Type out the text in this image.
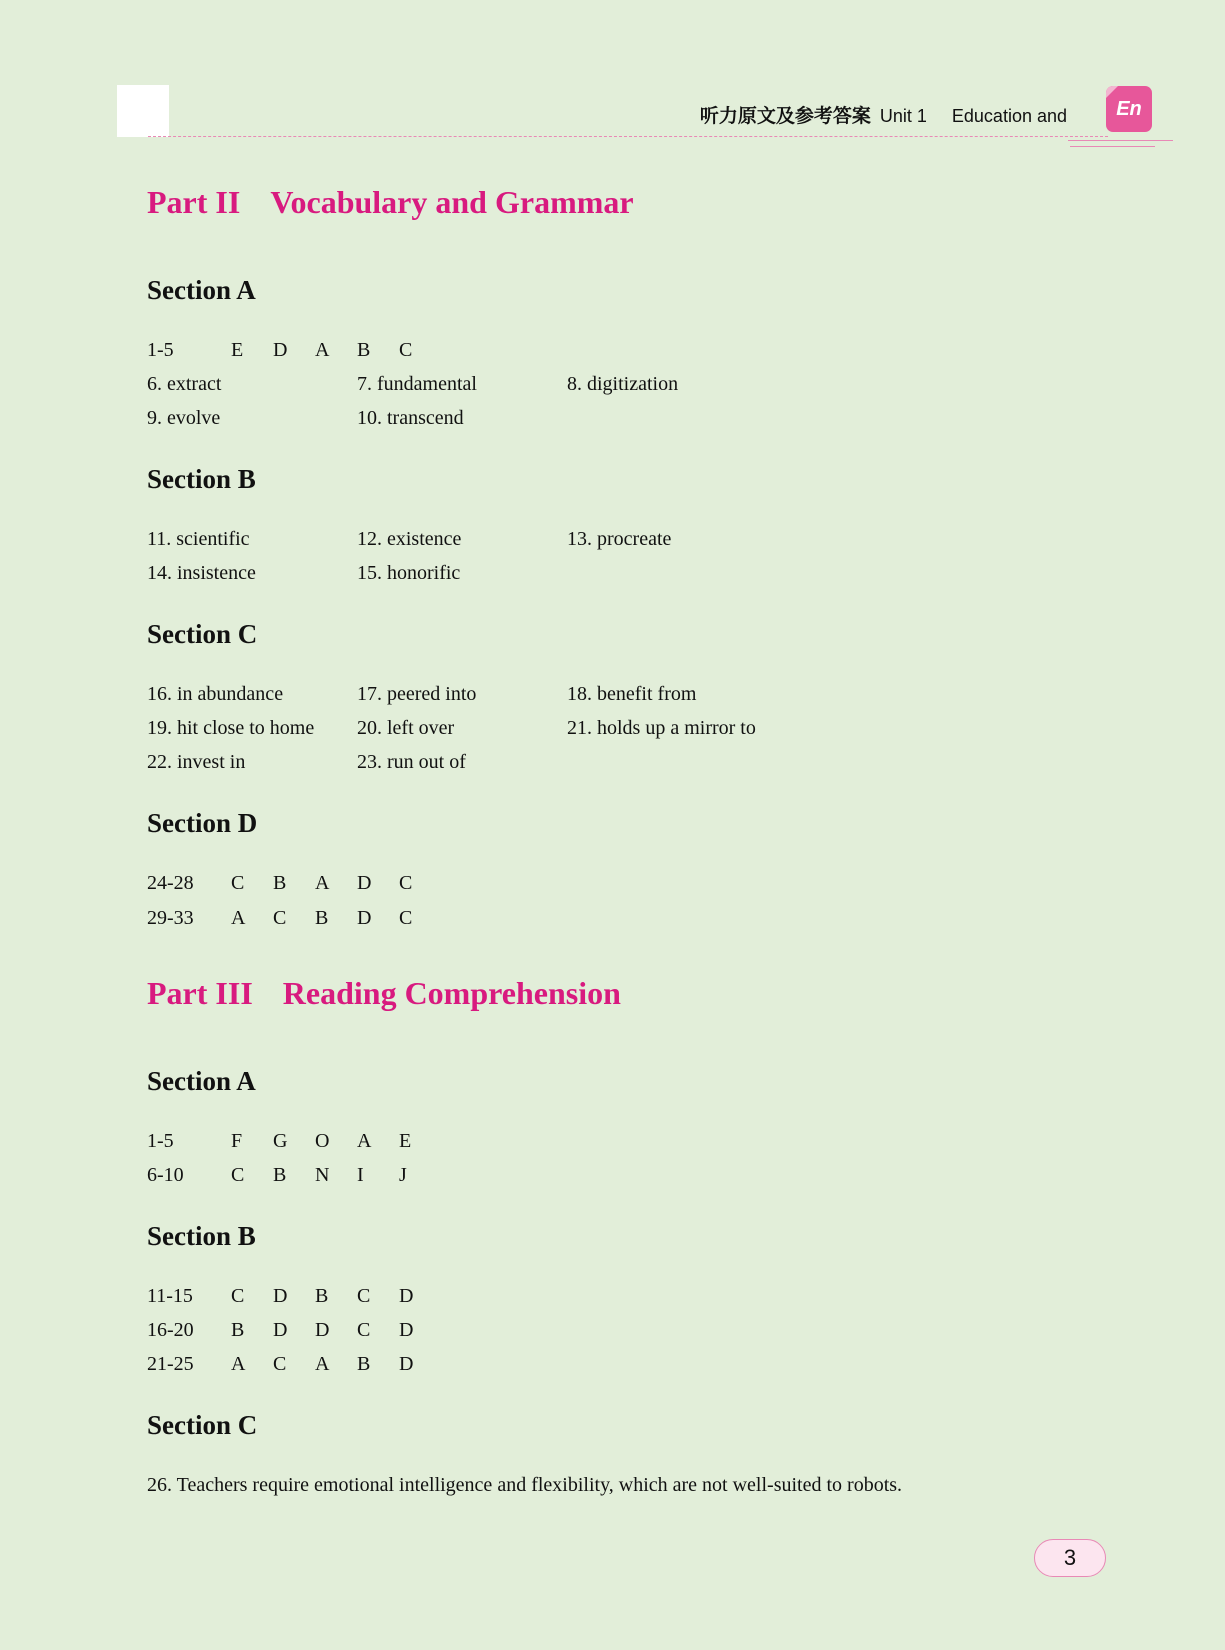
听力原文及参考答案 Unit 1 Education and En
Part II Vocabulary and Grammar
Section A
1-5	E D A B C
6. extract	7. fundamental	8. digitization
9. evolve	10. transcend
Section B
11. scientific	12. existence	13. procreate
14. insistence	15. honorific
Section C
16. in abundance	17. peered into	18. benefit from
19. hit close to home 20. left over	21. holds up a mirror to
22. invest in	23. run out of
Section D
24-28 C B A D C
29-33 A C B D C
Part III Reading Comprehension
Section A
1-5	F G O A E
6-10 C B N I J
Section B
11-15 C D B C D
16-20 B D D C D
21-25 A C A B D
Section C
26. Teachers require emotional intelligence and flexibility, which are not well-suited to robots.
3
